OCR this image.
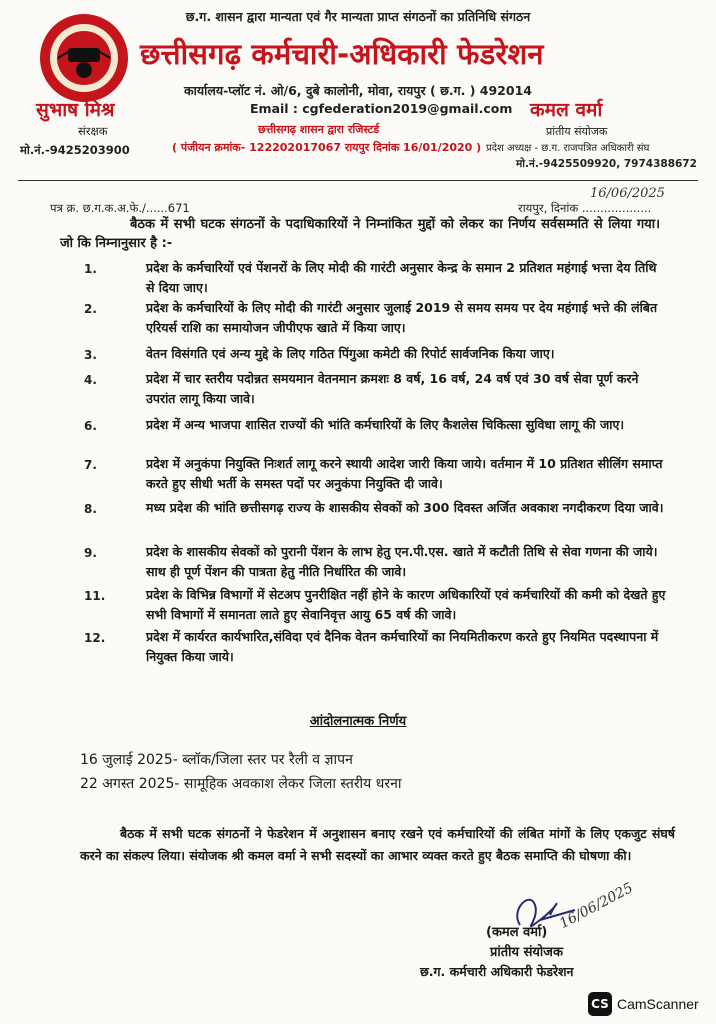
छ.ग. शासन द्वारा मान्यता एवं गैर मान्यता प्राप्त संगठनों का प्रतिनिधि संगठन
छत्तीसगढ़ कर्मचारी-अधिकारी फेडरेशन
कार्यालय-प्लॉट नं. ओ/6, दुबे कालोनी, मोवा, रायपुर ( छ.ग. ) 492014
सुभाष मिश्र
संरक्षक
मो.नं.-9425203900
Email : cgfederation2019@gmail.com
छत्तीसगढ़ शासन द्वारा रजिस्टर्ड
( पंजीयन क्रमांक- 122202017067 रायपुर दिनांक 16/01/2020 )
कमल वर्मा
प्रांतीय संयोजक
प्रदेश अध्यक्ष - छ.ग. राजपत्रित अधिकारी संघ
मो.नं.-9425509920, 7974388672
16/06/2025
पत्र क्र. छ.ग.क.अ.फे./......671	रायपुर, दिनांक ...................
बैठक में सभी घटक संगठनों के पदाधिकारियों ने निम्नांकित मुद्दों को लेकर का निर्णय सर्वसम्मति से लिया गया। जो कि निम्नानुसार है :-
1.	प्रदेश के कर्मचारियों एवं पेंशनरों के लिए मोदी की गारंटी अनुसार केन्द्र के समान 2 प्रतिशत महंगाई भत्ता देय तिथि से दिया जाए।
2.	प्रदेश के कर्मचारियों के लिए मोदी की गारंटी अनुसार जुलाई 2019 से समय समय पर देय महंगाई भत्ते की लंबित एरियर्स राशि का समायोजन जीपीएफ खाते में किया जाए।
3.	वेतन विसंगति एवं अन्य मुद्दे के लिए गठित पिंगुआ कमेटी की रिपोर्ट सार्वजनिक किया जाए।
4.	प्रदेश में चार स्तरीय पदोन्नत समयमान वेतनमान क्रमशः 8 वर्ष, 16 वर्ष, 24 वर्ष एवं 30 वर्ष सेवा पूर्ण करने उपरांत लागू किया जावे।
6.	प्रदेश में अन्य भाजपा शासित राज्यों की भांति कर्मचारियों के लिए कैशलेस चिकित्सा सुविधा लागू की जाए।
7.	प्रदेश में अनुकंपा नियुक्ति निःशर्त लागू करने स्थायी आदेश जारी किया जाये। वर्तमान में 10 प्रतिशत सीलिंग समाप्त करते हुए सीधी भर्ती के समस्त पदों पर अनुकंपा नियुक्ति दी जावे।
8.	मध्य प्रदेश की भांति छत्तीसगढ़ राज्य के शासकीय सेवकों को 300 दिवस्त अर्जित अवकाश नगदीकरण दिया जावे।
9.	प्रदेश के शासकीय सेवकों को पुरानी पेंशन के लाभ हेतु एन.पी.एस. खाते में कटौती तिथि से सेवा गणना की जाये। साथ ही पूर्ण पेंशन की पात्रता हेतु नीति निर्धारित की जावे।
11.	प्रदेश के विभिन्न विभागों में सेटअप पुनरीक्षित नहीं होने के कारण अधिकारियों एवं कर्मचारियों की कमी को देखते हुए सभी विभागों में समानता लाते हुए सेवानिवृत्त आयु 65 वर्ष की जावे।
12.	प्रदेश में कार्यरत कार्यभारित,संविदा एवं दैनिक वेतन कर्मचारियों का नियमितीकरण करते हुए नियमित पदस्थापना में नियुक्त किया जाये।
आंदोलनात्मक निर्णय
16 जुलाई 2025- ब्लॉक/जिला स्तर पर रैली व ज्ञापन
22 अगस्त 2025- सामूहिक अवकाश लेकर जिला स्तरीय धरना
बैठक में सभी घटक संगठनों ने फेडरेशन में अनुशासन बनाए रखने एवं कर्मचारियों की लंबित मांगों के लिए एकजुट संघर्ष करने का संकल्प लिया। संयोजक श्री कमल वर्मा ने सभी सदस्यों का आभार व्यक्त करते हुए बैठक समाप्ति की घोषणा की।
16/06/2025
(कमल वर्मा)
प्रांतीय संयोजक
छ.ग. कर्मचारी अधिकारी फेडरेशन
CS CamScanner
